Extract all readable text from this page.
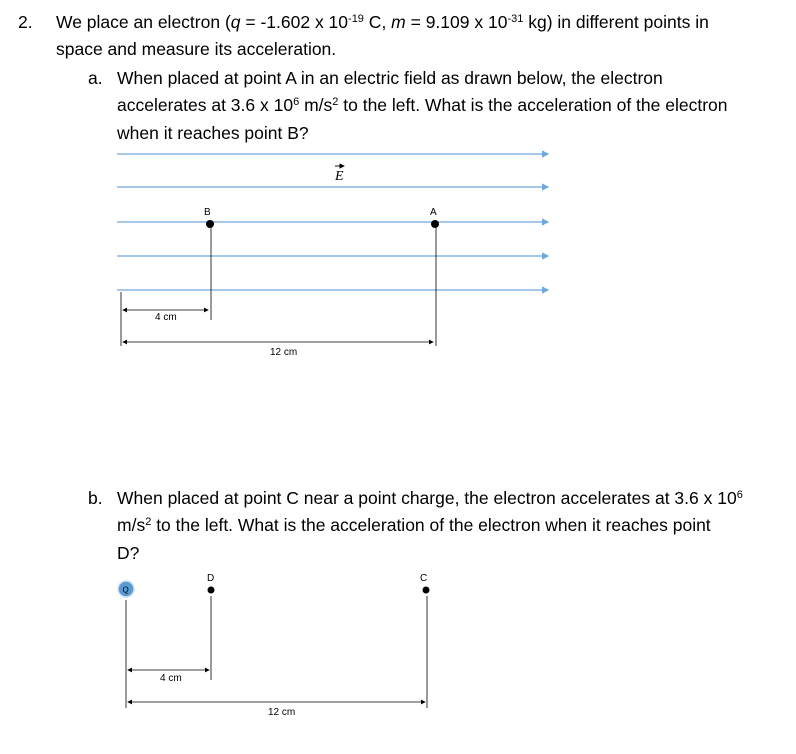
2. We place an electron (q = -1.602 x $10^{-19}$ C, m = 9.109 x $10^{-31}$ kg) in different points in
space and measure its acceleration.
a. When placed at point A in an electric field as drawn below, the electron
accelerates at 3.6 x $10^6$ $m/s^2$ to the left. What is the acceleration of the electron
when it reaches point B?
b. When placed at point C near a point charge, the electron accelerates at 3.6 x $10^6$
$m/s^2$ to the left. What is the acceleration of the electron when it reaches point
D?
E
B	A
4 cm
12 cm
Q
D	C
4 cm
12 cm
